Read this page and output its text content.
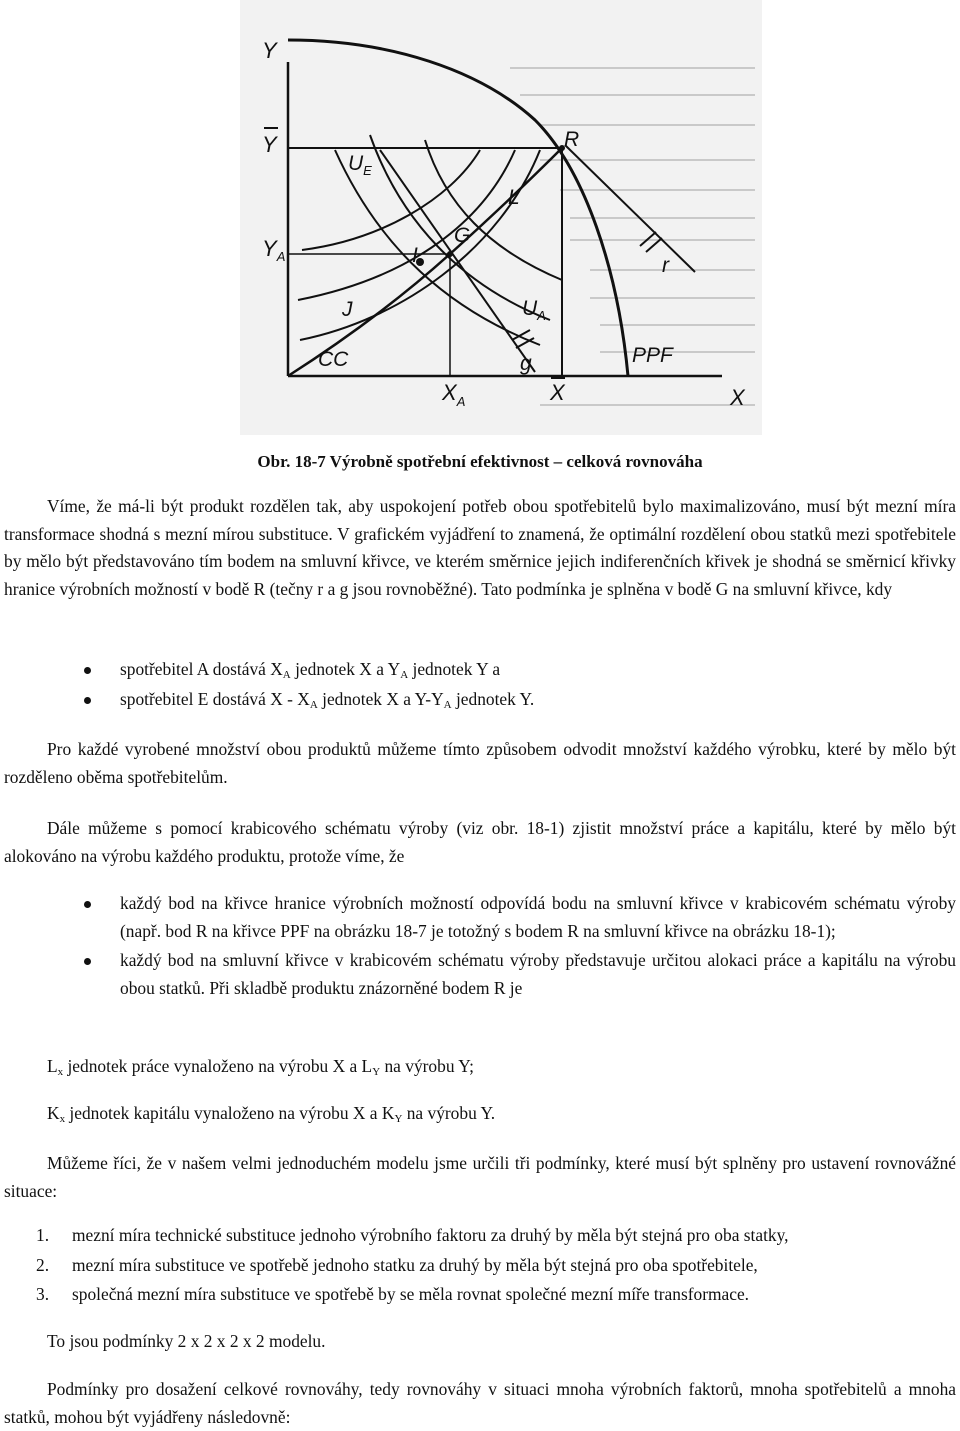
Y
X
Y
X
$Y_A$
$X_A$
$U_E$
$U_A$
R
L
G
I
J
CC
r
g	PPF
Obr. 18-7 Výrobně spotřební efektivnost – celková rovnováha

Víme, že má-li být produkt rozdělen tak, aby uspokojení potřeb obou spotřebitelů bylo maximalizováno, musí být mezní míra transformace shodná s mezní mírou substituce. V grafickém vyjádření to znamená, že optimální rozdělení obou statků mezi spotřebitele by mělo být představováno tím bodem na smluvní křivce, ve kterém směrnice jejich indiferenčních křivek je shodná se směrnicí křivky hranice výrobních možností v bodě R (tečny r a g jsou rovnoběžné). Tato podmínka je splněna v bodě G na smluvní křivce, kdy

spotřebitel A dostává $X_A$ jednotek X a $Y_A$ jednotek Y a
spotřebitel E dostává X - $X_A$ jednotek X a $Y-Y_A$ jednotek Y.

Pro každé vyrobené množství obou produktů můžeme tímto způsobem odvodit množství každého výrobku, které by mělo být rozděleno oběma spotřebitelům.

Dále můžeme s pomocí krabicového schématu výroby (viz obr. 18-1) zjistit množství práce a kapitálu, které by mělo být alokováno na výrobu každého produktu, protože víme, že

každý bod na křivce hranice výrobních možností odpovídá bodu na smluvní křivce v krabicovém schématu výroby (např. bod R na křivce PPF na obrázku 18-7 je totožný s bodem R na smluvní křivce na obrázku 18-1);
každý bod na smluvní křivce v krabicovém schématu výroby představuje určitou alokaci práce a kapitálu na výrobu obou statků. Při skladbě produktu znázorněné bodem R je

$L_x$ jednotek práce vynaloženo na výrobu X a $L_Y$ na výrobu Y;

$K_x$ jednotek kapitálu vynaloženo na výrobu X a $K_Y$ na výrobu Y.

Můžeme říci, že v našem velmi jednoduchém modelu jsme určili tři podmínky, které musí být splněny pro ustavení rovnovážné situace:

1. mezní míra technické substituce jednoho výrobního faktoru za druhý by měla být stejná pro oba statky,
2. mezní míra substituce ve spotřebě jednoho statku za druhý by měla být stejná pro oba spotřebitele,
3. společná mezní míra substituce ve spotřebě by se měla rovnat společné mezní míře transformace.

To jsou podmínky 2 x 2 x 2 x 2 modelu.

Podmínky pro dosažení celkové rovnováhy, tedy rovnováhy v situaci mnoha výrobních faktorů, mnoha spotřebitelů a mnoha statků, mohou být vyjádřeny následovně:
